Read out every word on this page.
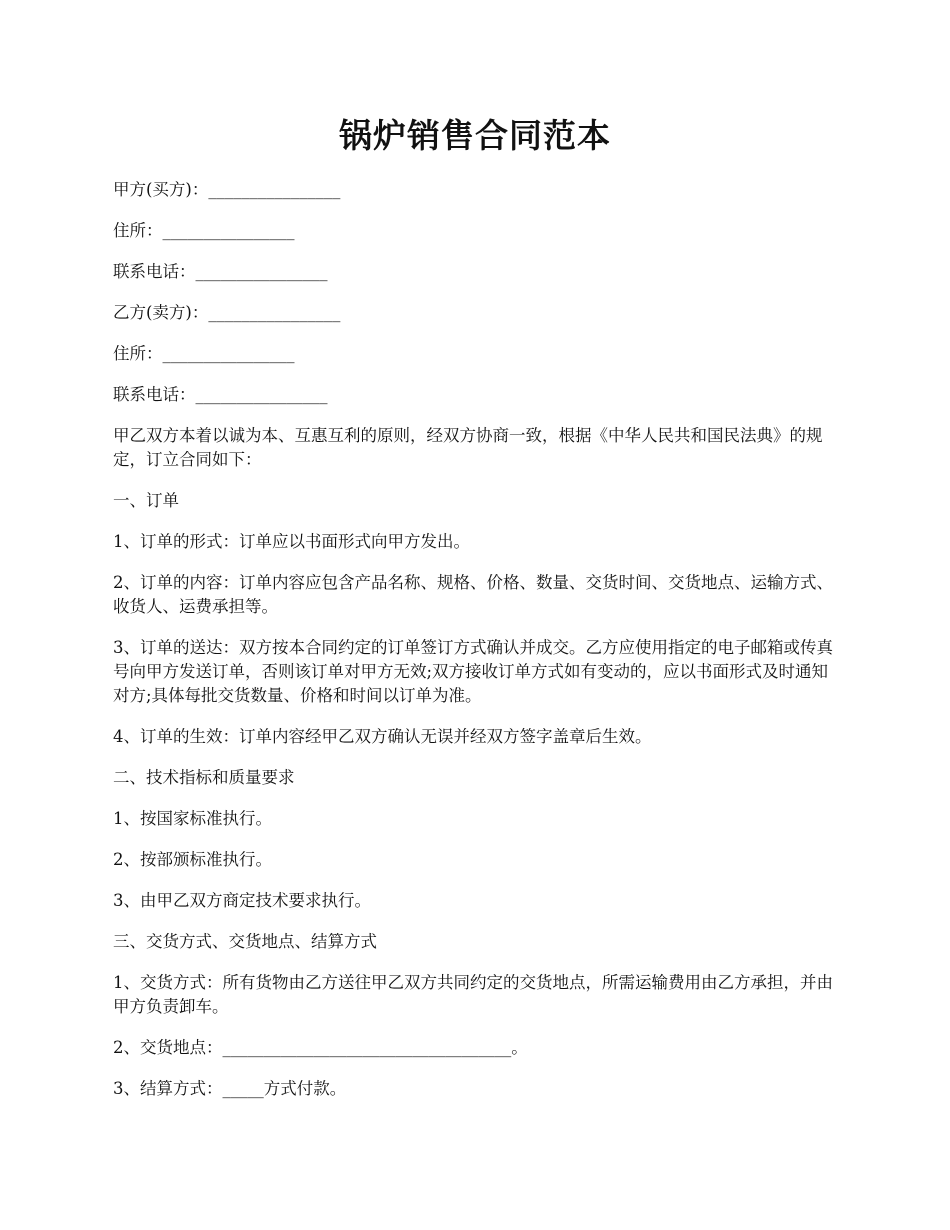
锅炉销售合同范本

甲方(买方)：________________

住所：________________

联系电话：________________

乙方(卖方)：________________

住所：________________

联系电话：________________

甲乙双方本着以诚为本、互惠互利的原则，经双方协商一致，根据《中华人民共和国民法典》的规定，订立合同如下：

一、订单

1、订单的形式：订单应以书面形式向甲方发出。

2、订单的内容：订单内容应包含产品名称、规格、价格、数量、交货时间、交货地点、运输方式、收货人、运费承担等。

3、订单的送达：双方按本合同约定的订单签订方式确认并成交。乙方应使用指定的电子邮箱或传真号向甲方发送订单，否则该订单对甲方无效;双方接收订单方式如有变动的，应以书面形式及时通知对方;具体每批交货数量、价格和时间以订单为准。

4、订单的生效：订单内容经甲乙双方确认无误并经双方签字盖章后生效。

二、技术指标和质量要求

1、按国家标准执行。

2、按部颁标准执行。

3、由甲乙双方商定技术要求执行。

三、交货方式、交货地点、结算方式

1、交货方式：所有货物由乙方送往甲乙双方共同约定的交货地点，所需运输费用由乙方承担，并由甲方负责卸车。

2、交货地点：___________________________________。

3、结算方式：_____方式付款。
